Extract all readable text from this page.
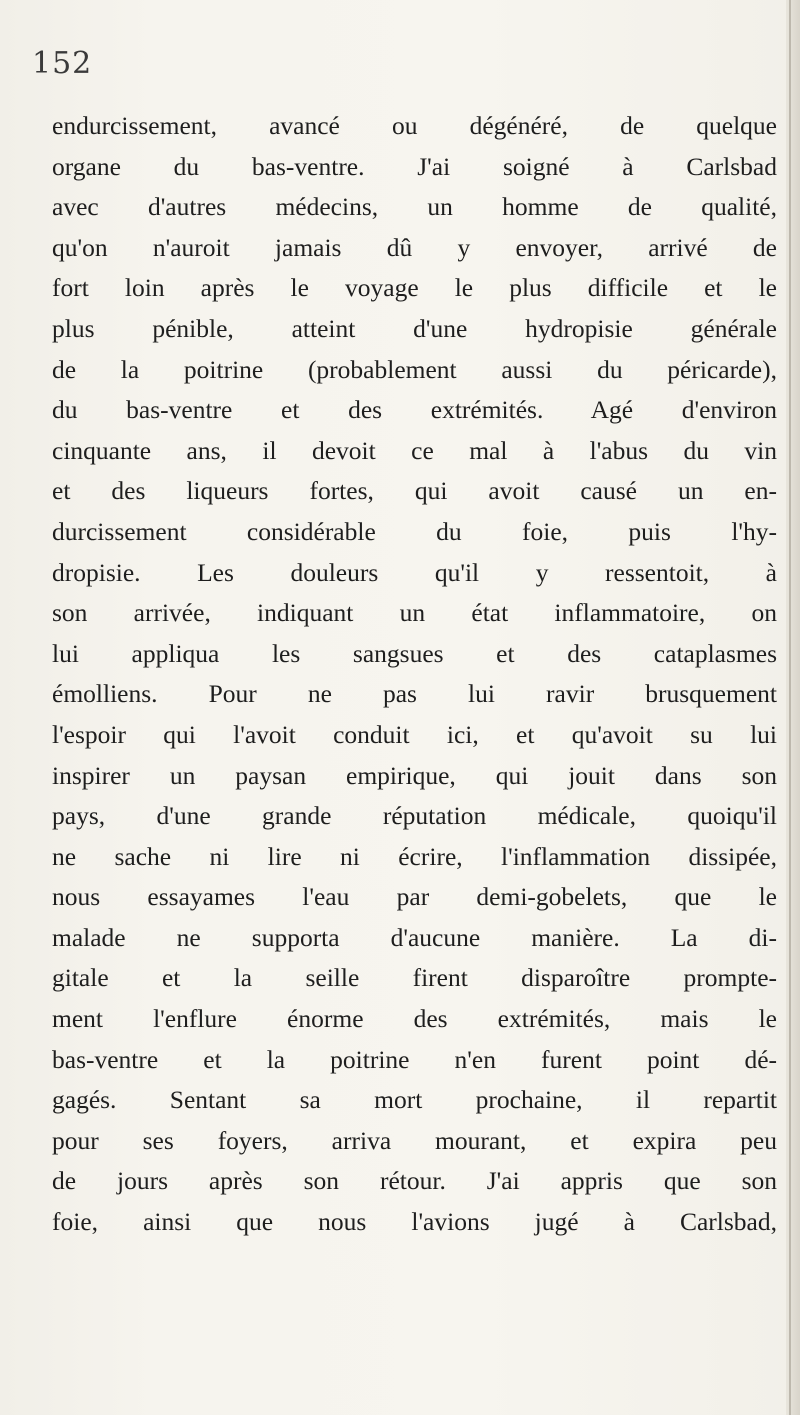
152
endurcissement, avancé ou dégénéré, de quelque
organe du bas-ventre. J'ai soigné à Carlsbad
avec d'autres médecins, un homme de qualité,
qu'on n'auroit jamais dû y envoyer, arrivé de
fort loin après le voyage le plus difficile et le
plus pénible, atteint d'une hydropisie générale
de la poitrine (probablement aussi du péricarde),
du bas-ventre et des extrémités. Agé d'environ
cinquante ans, il devoit ce mal à l'abus du vin
et des liqueurs fortes, qui avoit causé un en-
durcissement considérable du foie, puis l'hy-
dropisie. Les douleurs qu'il y ressentoit, à
son arrivée, indiquant un état inflammatoire, on
lui appliqua les sangsues et des cataplasmes
émolliens. Pour ne pas lui ravir brusquement
l'espoir qui l'avoit conduit ici, et qu'avoit su lui
inspirer un paysan empirique, qui jouit dans son
pays, d'une grande réputation médicale, quoiqu'il
ne sache ni lire ni écrire, l'inflammation dissipée,
nous essayames l'eau par demi-gobelets, que le
malade ne supporta d'aucune manière. La di-
gitale et la seille firent disparoître prompte-
ment l'enflure énorme des extrémités, mais le
bas-ventre et la poitrine n'en furent point dé-
gagés. Sentant sa mort prochaine, il repartit
pour ses foyers, arriva mourant, et expira peu
de jours après son rétour. J'ai appris que son
foie, ainsi que nous l'avions jugé à Carlsbad,
